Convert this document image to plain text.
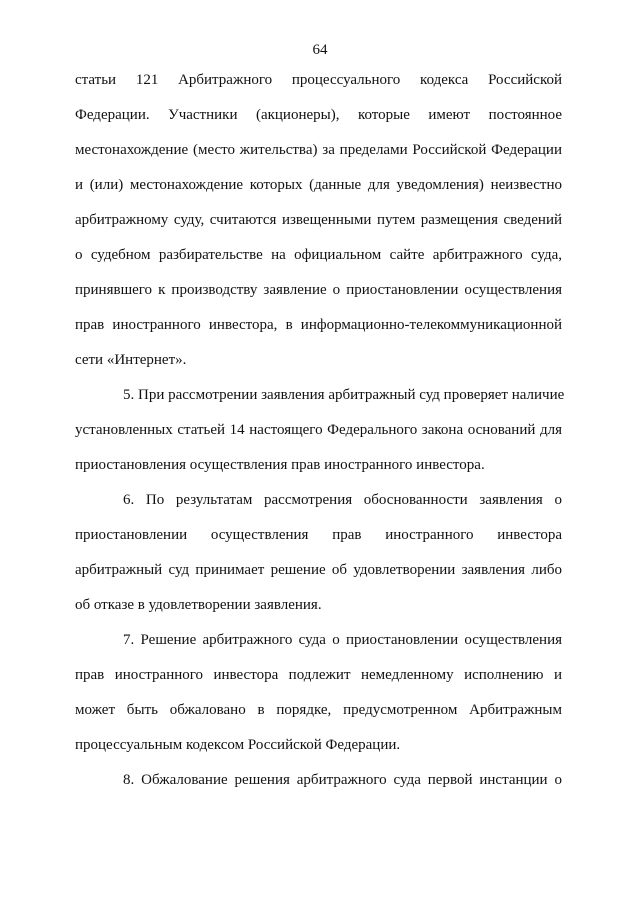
64
статьи 121 Арбитражного процессуального кодекса Российской
Федерации. Участники (акционеры), которые имеют постоянное
местонахождение (место жительства) за пределами Российской Федерации
и (или) местонахождение которых (данные для уведомления) неизвестно
арбитражному суду, считаются извещенными путем размещения сведений
о судебном разбирательстве на официальном сайте арбитражного суда,
принявшего к производству заявление о приостановлении осуществления
прав иностранного инвестора, в информационно-телекоммуникационной
сети «Интернет».
5. При рассмотрении заявления арбитражный суд проверяет наличие
установленных статьей 14 настоящего Федерального закона оснований для
приостановления осуществления прав иностранного инвестора.
6. По результатам рассмотрения обоснованности заявления о
приостановлении осуществления прав иностранного инвестора
арбитражный суд принимает решение об удовлетворении заявления либо
об отказе в удовлетворении заявления.
7. Решение арбитражного суда о приостановлении осуществления
прав иностранного инвестора подлежит немедленному исполнению и
может быть обжаловано в порядке, предусмотренном Арбитражным
процессуальным кодексом Российской Федерации.
8. Обжалование решения арбитражного суда первой инстанции о
